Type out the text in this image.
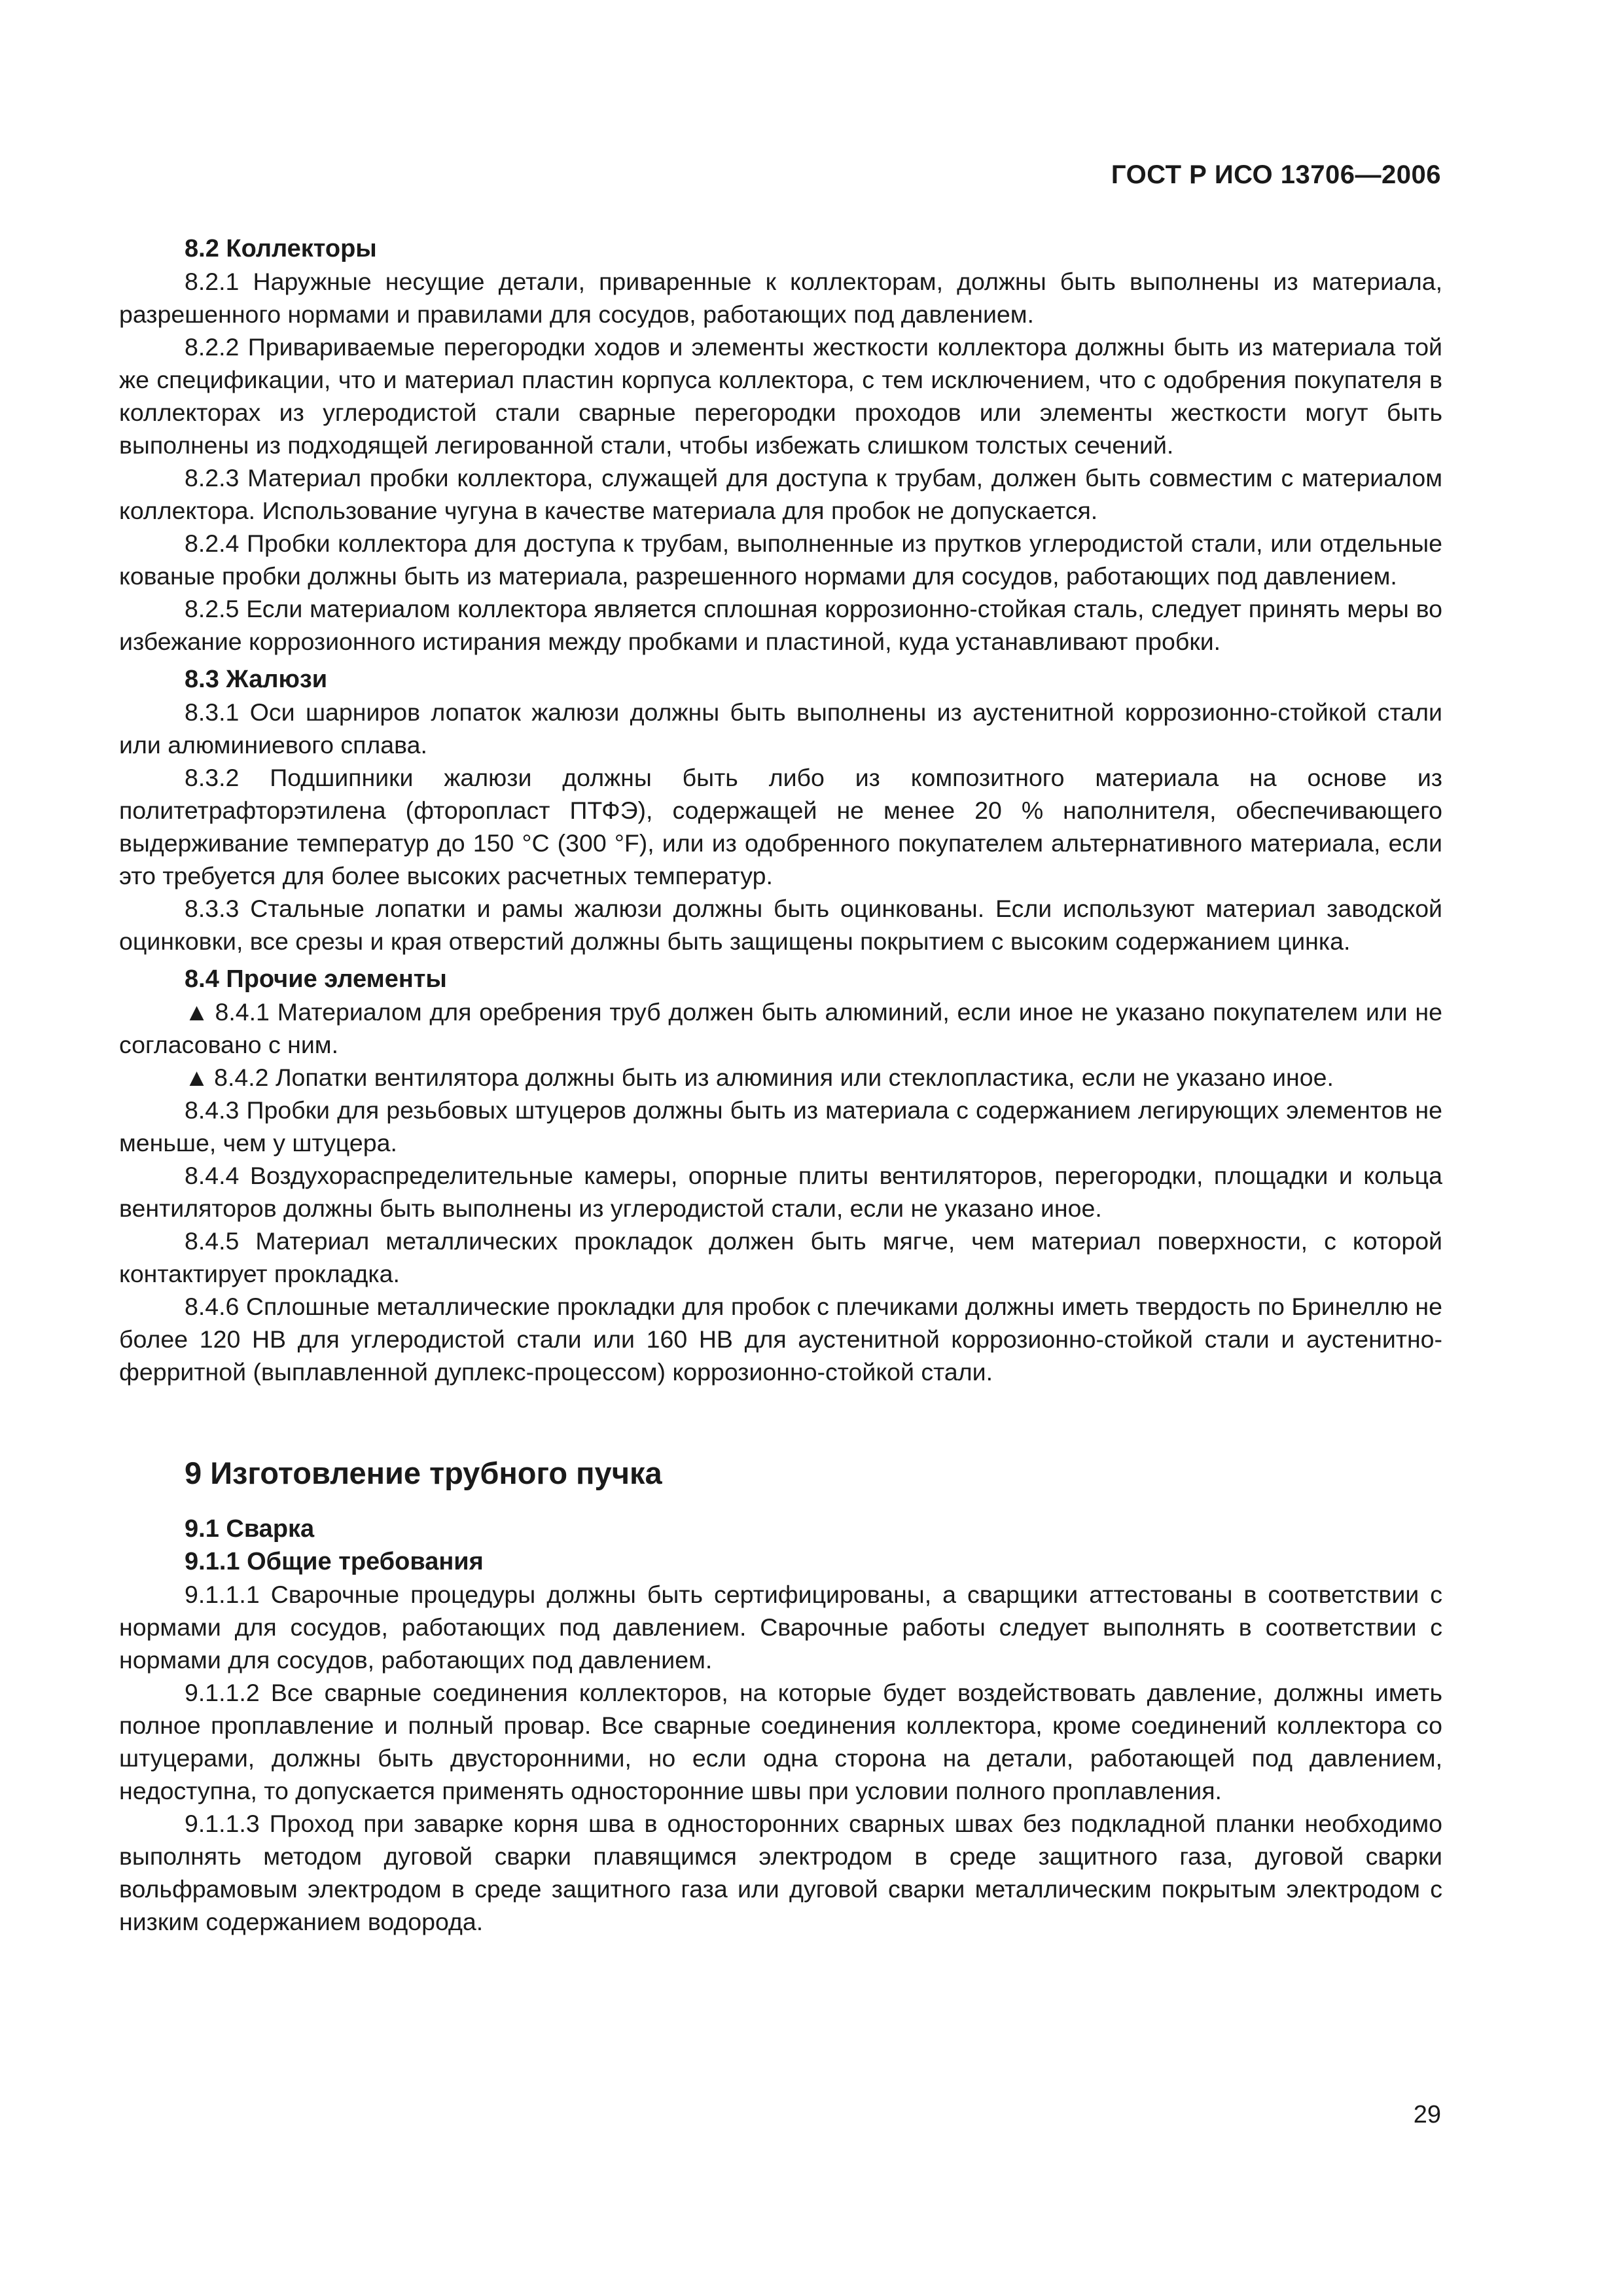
ГОСТ Р ИСО 13706—2006
8.2 Коллекторы

8.2.1 Наружные несущие детали, приваренные к коллекторам, должны быть выполнены из материала, разрешенного нормами и правилами для сосудов, работающих под давлением.

8.2.2 Привариваемые перегородки ходов и элементы жесткости коллектора должны быть из материала той же спецификации, что и материал пластин корпуса коллектора, с тем исключением, что с одобрения покупателя в коллекторах из углеродистой стали сварные перегородки проходов или элементы жесткости могут быть выполнены из подходящей легированной стали, чтобы избежать слишком толстых сечений.

8.2.3 Материал пробки коллектора, служащей для доступа к трубам, должен быть совместим с материалом коллектора. Использование чугуна в качестве материала для пробок не допускается.

8.2.4 Пробки коллектора для доступа к трубам, выполненные из прутков углеродистой стали, или отдельные кованые пробки должны быть из материала, разрешенного нормами для сосудов, работающих под давлением.

8.2.5 Если материалом коллектора является сплошная коррозионно-стойкая сталь, следует принять меры во избежание коррозионного истирания между пробками и пластиной, куда устанавливают пробки.

8.3 Жалюзи

8.3.1 Оси шарниров лопаток жалюзи должны быть выполнены из аустенитной коррозионно-стойкой стали или алюминиевого сплава.

8.3.2 Подшипники жалюзи должны быть либо из композитного материала на основе из политетрафторэтилена (фторопласт ПТФЭ), содержащей не менее 20 % наполнителя, обеспечивающего выдерживание температур до 150 °С (300 °F), или из одобренного покупателем альтернативного материала, если это требуется для более высоких расчетных температур.

8.3.3 Стальные лопатки и рамы жалюзи должны быть оцинкованы. Если используют материал заводской оцинковки, все срезы и края отверстий должны быть защищены покрытием с высоким содержанием цинка.

8.4 Прочие элементы

▲ 8.4.1 Материалом для оребрения труб должен быть алюминий, если иное не указано покупателем или не согласовано с ним.

▲ 8.4.2 Лопатки вентилятора должны быть из алюминия или стеклопластика, если не указано иное.

8.4.3 Пробки для резьбовых штуцеров должны быть из материала с содержанием легирующих элементов не меньше, чем у штуцера.

8.4.4 Воздухораспределительные камеры, опорные плиты вентиляторов, перегородки, площадки и кольца вентиляторов должны быть выполнены из углеродистой стали, если не указано иное.

8.4.5 Материал металлических прокладок должен быть мягче, чем материал поверхности, с которой контактирует прокладка.

8.4.6 Сплошные металлические прокладки для пробок с плечиками должны иметь твердость по Бринеллю не более 120 НВ для углеродистой стали или 160 НВ для аустенитной коррозионно-стойкой стали и аустенитно-ферритной (выплавленной дуплекс-процессом) коррозионно-стойкой стали.

9 Изготовление трубного пучка
9.1 Сварка
9.1.1 Общие требования

9.1.1.1 Сварочные процедуры должны быть сертифицированы, а сварщики аттестованы в соответствии с нормами для сосудов, работающих под давлением. Сварочные работы следует выполнять в соответствии с нормами для сосудов, работающих под давлением.

9.1.1.2 Все сварные соединения коллекторов, на которые будет воздействовать давление, должны иметь полное проплавление и полный провар. Все сварные соединения коллектора, кроме соединений коллектора со штуцерами, должны быть двусторонними, но если одна сторона на детали, работающей под давлением, недоступна, то допускается применять односторонние швы при условии полного проплавления.

9.1.1.3 Проход при заварке корня шва в односторонних сварных швах без подкладной планки необходимо выполнять методом дуговой сварки плавящимся электродом в среде защитного газа, дуговой сварки вольфрамовым электродом в среде защитного газа или дуговой сварки металлическим покрытым электродом с низким содержанием водорода.

29
